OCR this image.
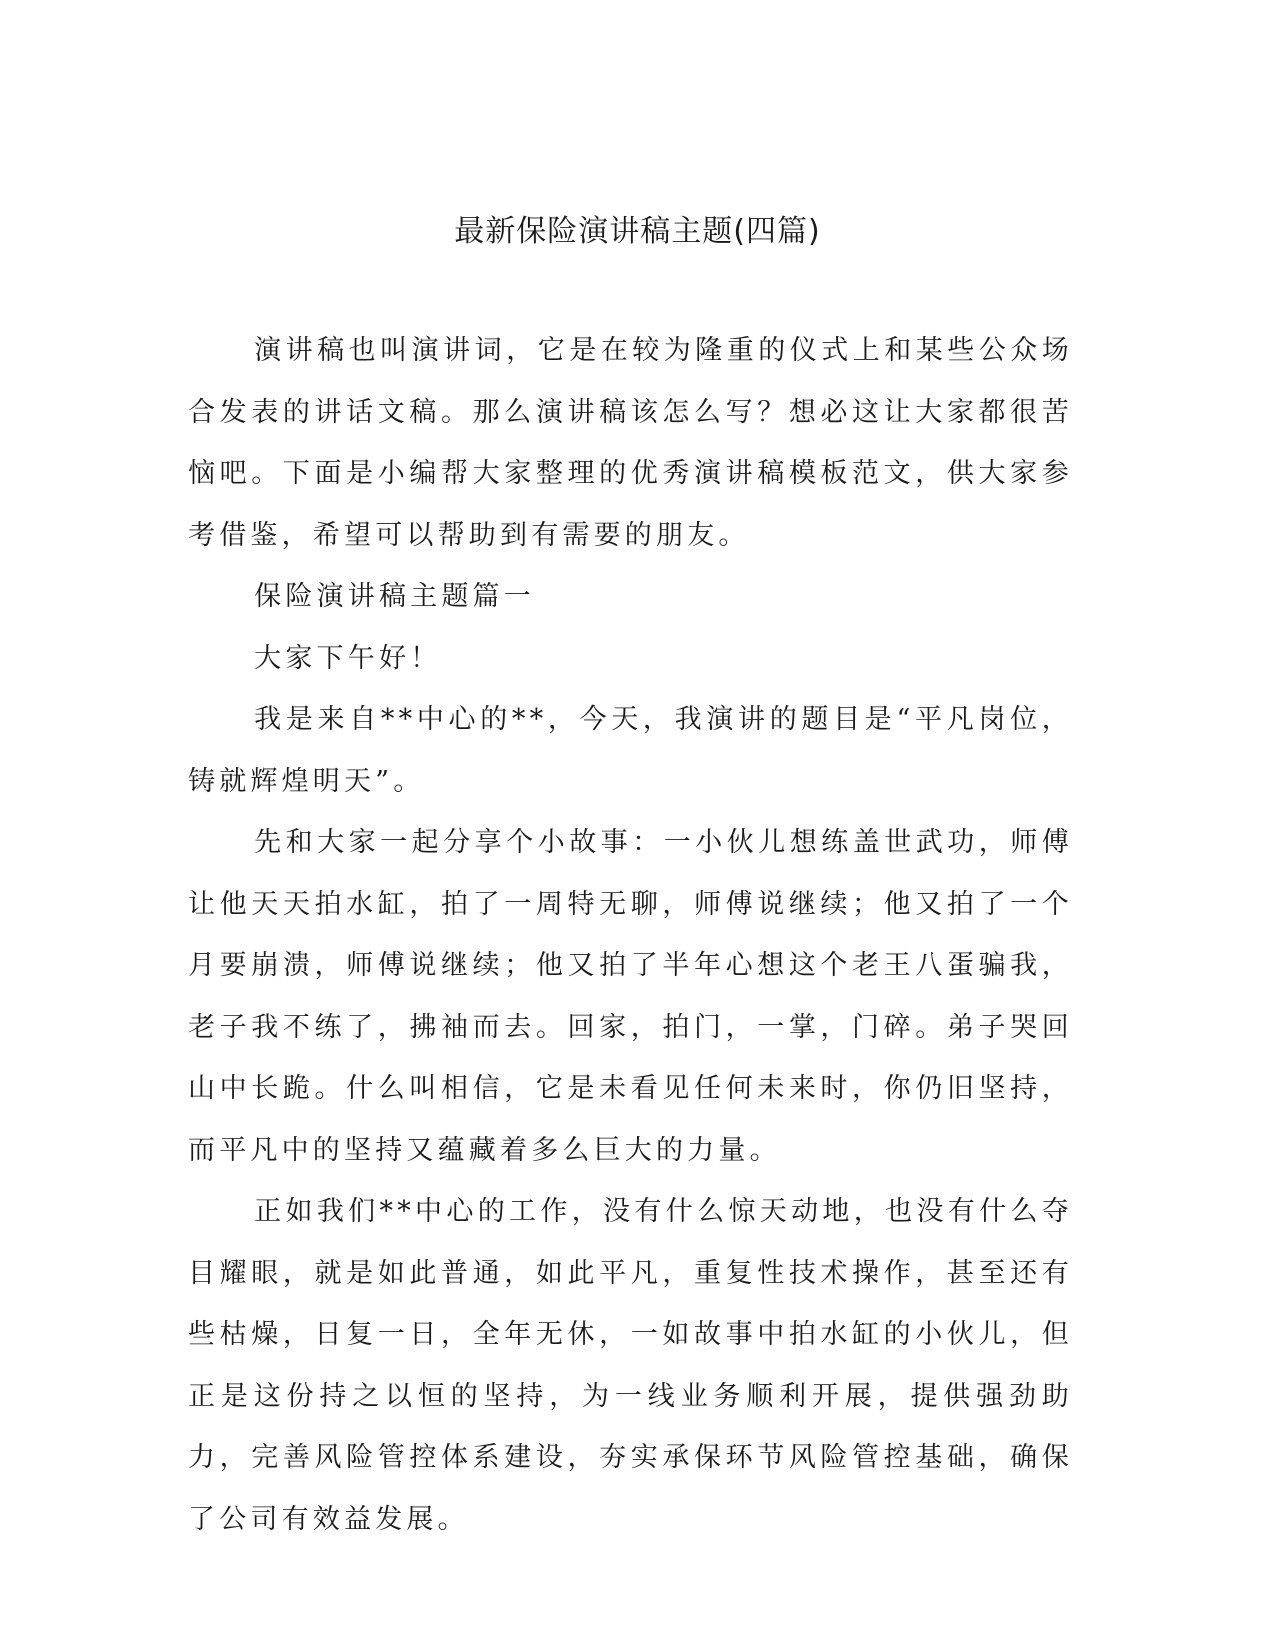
最新保险演讲稿主题(四篇)

演讲稿也叫演讲词，它是在较为隆重的仪式上和某些公众场合发表的讲话文稿。那么演讲稿该怎么写？想必这让大家都很苦恼吧。下面是小编帮大家整理的优秀演讲稿模板范文，供大家参考借鉴，希望可以帮助到有需要的朋友。

保险演讲稿主题篇一

大家下午好！

我是来自**中心的**，今天，我演讲的题目是“平凡岗位，铸就辉煌明天”。

先和大家一起分享个小故事：一小伙儿想练盖世武功，师傅让他天天拍水缸，拍了一周特无聊，师傅说继续；他又拍了一个月要崩溃，师傅说继续；他又拍了半年心想这个老王八蛋骗我，老子我不练了，拂袖而去。回家，拍门，一掌，门碎。弟子哭回山中长跪。什么叫相信，它是未看见任何未来时，你仍旧坚持，而平凡中的坚持又蕴藏着多么巨大的力量。

正如我们**中心的工作，没有什么惊天动地，也没有什么夺目耀眼，就是如此普通，如此平凡，重复性技术操作，甚至还有些枯燥，日复一日，全年无休，一如故事中拍水缸的小伙儿，但正是这份持之以恒的坚持，为一线业务顺利开展，提供强劲助力，完善风险管控体系建设，夯实承保环节风险管控基础，确保了公司有效益发展。
